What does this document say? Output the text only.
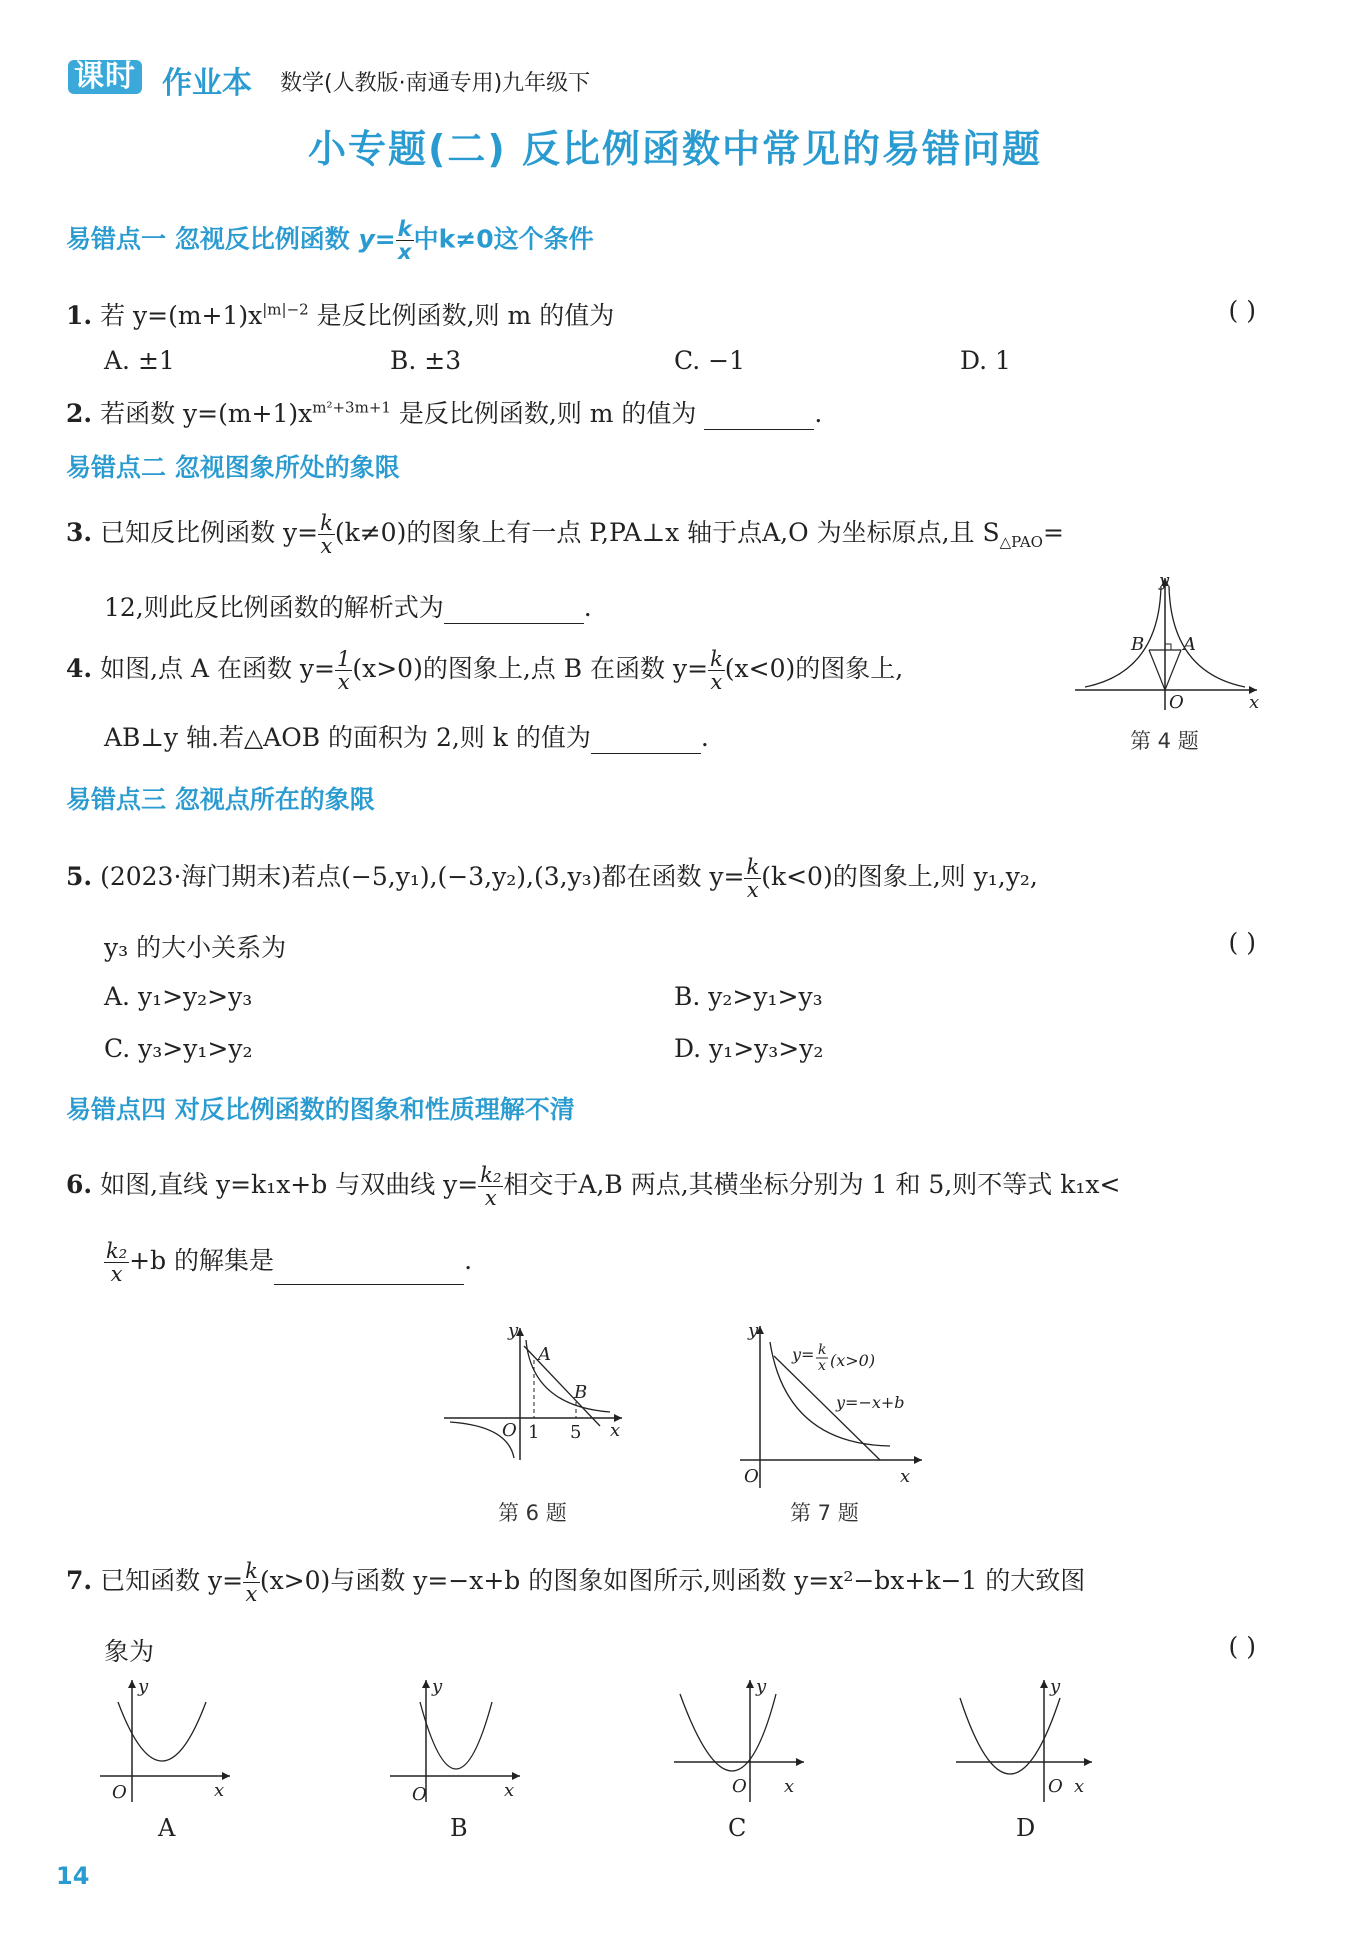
课时 作业本 数学(人教版·南通专用)九年级下
小专题(二) 反比例函数中常见的易错问题
易错点一 忽视反比例函数 $y= \frac{k}{x}$ 中k≠0这个条件
1. 若 $y=(m+1)x^{|m|-2}$ 是反比例函数,则 m 的值为	( )
A. ±1	B. ±3	C. −1	D. 1
2. 若函数 $y=(m+1)x^{m^2+3m+1}$ 是反比例函数,则 m 的值为	.
易错点二 忽视图象所处的象限
3. 已知反比例函数 $y= \frac{k}{x} (k\ne 0)$的图象上有一点 P,PA⊥x 轴于点A,O 为坐标原点,且 $S_{\triangle PAO}=$
12,则此反比例函数的解析式为	.
4. 如图,点 A 在函数 $y= \frac{1}{x} (x>0)$的图象上,点 B 在函数 $y= \frac{k}{x} (x<0)$的图象上,
AB⊥y 轴.若△AOB 的面积为 2,则 k 的值为	.
y
x
O
B A
第 4 题
易错点三 忽视点所在的象限
5. (2023·海门期末)若点(−5,y₁),(−3,y₂),(3,y₃)都在函数 $y= \frac{k}{x} (k<0)$的图象上,则 y₁,y₂,
y₃ 的大小关系为	( )
A. y₁>y₂>y₃	B. y₂>y₁>y₃
C. y₃>y₁>y₂	D. y₁>y₃>y₂
易错点四 对反比例函数的图象和性质理解不清
6. 如图,直线 y=k₁x+b 与双曲线 $y= \frac{\text{k₂}}{x}$ 相交于A,B 两点,其横坐标分别为 1 和 5,则不等式 k₁x<
$\frac{\text{k₂}}{x} +b$ 的解集是	.
y
x
O 1 5
A
B
第 6 题
y
x
O
y= k
x (x>0)
y=−x+b
第 7 题
7. 已知函数 $y= \frac{k}{x} (x>0)$与函数 y=−x+b 的图象如图所示,则函数 y=x²−bx+k−1 的大致图
象为	( )
y
x
O
A
y
x
O
B
y
x
O
C
y
x
O
D
14
